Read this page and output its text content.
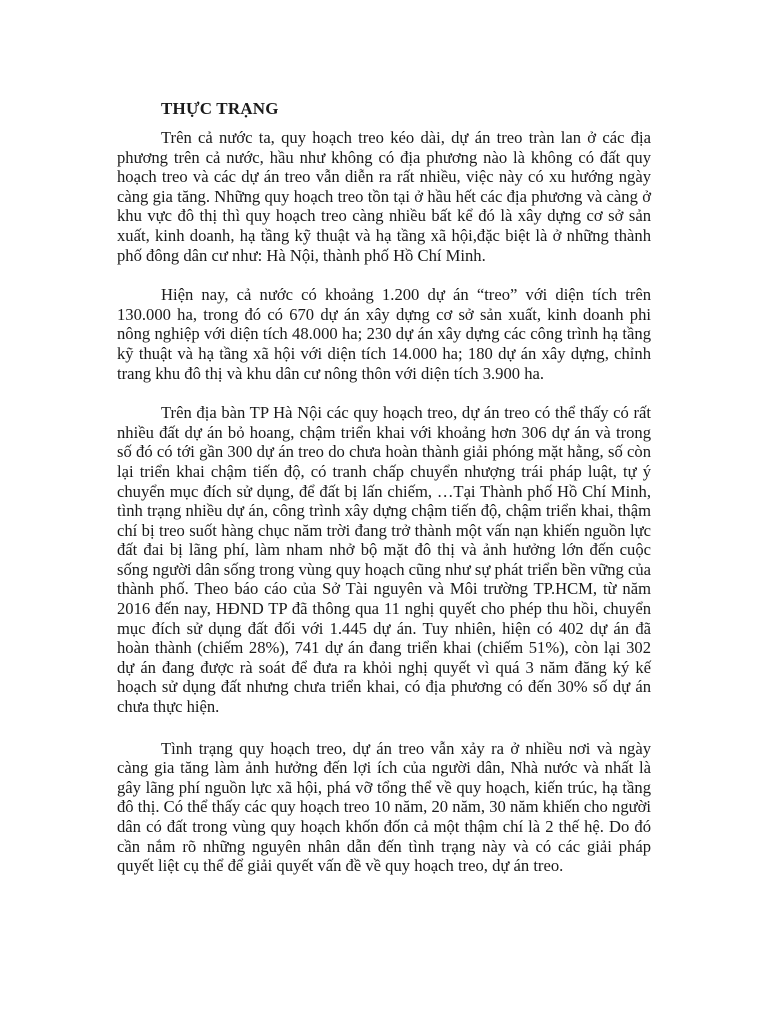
THỰC TRẠNG

Trên cả nước ta, quy hoạch treo kéo dài, dự án treo tràn lan ở các địa phương trên cả nước, hầu như không có địa phương nào là không có đất quy hoạch treo và các dự án treo vẫn diễn ra rất nhiều, việc này có xu hướng ngày càng gia tăng. Những quy hoạch treo tồn tại ở hầu hết các địa phương và càng ở khu vực đô thị thì quy hoạch treo càng nhiều bất kể đó là xây dựng cơ sở sản xuất, kinh doanh, hạ tầng kỹ thuật và hạ tầng xã hội,đặc biệt là ở những thành phố đông dân cư như: Hà Nội, thành phố Hồ Chí Minh.

Hiện nay, cả nước có khoảng 1.200 dự án “treo” với diện tích trên 130.000 ha, trong đó có 670 dự án xây dựng cơ sở sản xuất, kinh doanh phi nông nghiệp với diện tích 48.000 ha; 230 dự án xây dựng các công trình hạ tầng kỹ thuật và hạ tầng xã hội với diện tích 14.000 ha; 180 dự án xây dựng, chỉnh trang khu đô thị và khu dân cư nông thôn với diện tích 3.900 ha.

Trên địa bàn TP Hà Nội các quy hoạch treo, dự án treo có thể thấy có rất nhiều đất dự án bỏ hoang, chậm triển khai với khoảng hơn 306 dự án và trong số đó có tới gần 300 dự án treo do chưa hoàn thành giải phóng mặt hằng, số còn lại triển khai chậm tiến độ, có tranh chấp chuyển nhượng trái pháp luật, tự ý chuyển mục đích sử dụng, để đất bị lấn chiếm, …Tại Thành phố Hồ Chí Minh, tình trạng nhiều dự án, công trình xây dựng chậm tiến độ, chậm triển khai, thậm chí bị treo suốt hàng chục năm trời đang trở thành một vấn nạn khiến nguồn lực đất đai bị lãng phí, làm nham nhở bộ mặt đô thị và ảnh hưởng lớn đến cuộc sống người dân sống trong vùng quy hoạch cũng như sự phát triển bền vững của thành phố. Theo báo cáo của Sở Tài nguyên và Môi trường TP.HCM, từ năm 2016 đến nay, HĐND TP đã thông qua 11 nghị quyết cho phép thu hồi, chuyển mục đích sử dụng đất đối với 1.445 dự án. Tuy nhiên, hiện có 402 dự án đã hoàn thành (chiếm 28%), 741 dự án đang triển khai (chiếm 51%), còn lại 302 dự án đang được rà soát để đưa ra khỏi nghị quyết vì quá 3 năm đăng ký kế hoạch sử dụng đất nhưng chưa triển khai, có địa phương có đến 30% số dự án chưa thực hiện.

Tình trạng quy hoạch treo, dự án treo vẫn xảy ra ở nhiều nơi và ngày càng gia tăng làm ảnh hưởng đến lợi ích của người dân, Nhà nước và nhất là gây lãng phí nguồn lực xã hội, phá vỡ tổng thể về quy hoạch, kiến trúc, hạ tầng đô thị. Có thể thấy các quy hoạch treo 10 năm, 20 năm, 30 năm khiến cho người dân có đất trong vùng quy hoạch khốn đốn cả một thậm chí là 2 thế hệ. Do đó cần nắm rõ những nguyên nhân dẫn đến tình trạng này và có các giải pháp quyết liệt cụ thể để giải quyết vấn đề về quy hoạch treo, dự án treo.
